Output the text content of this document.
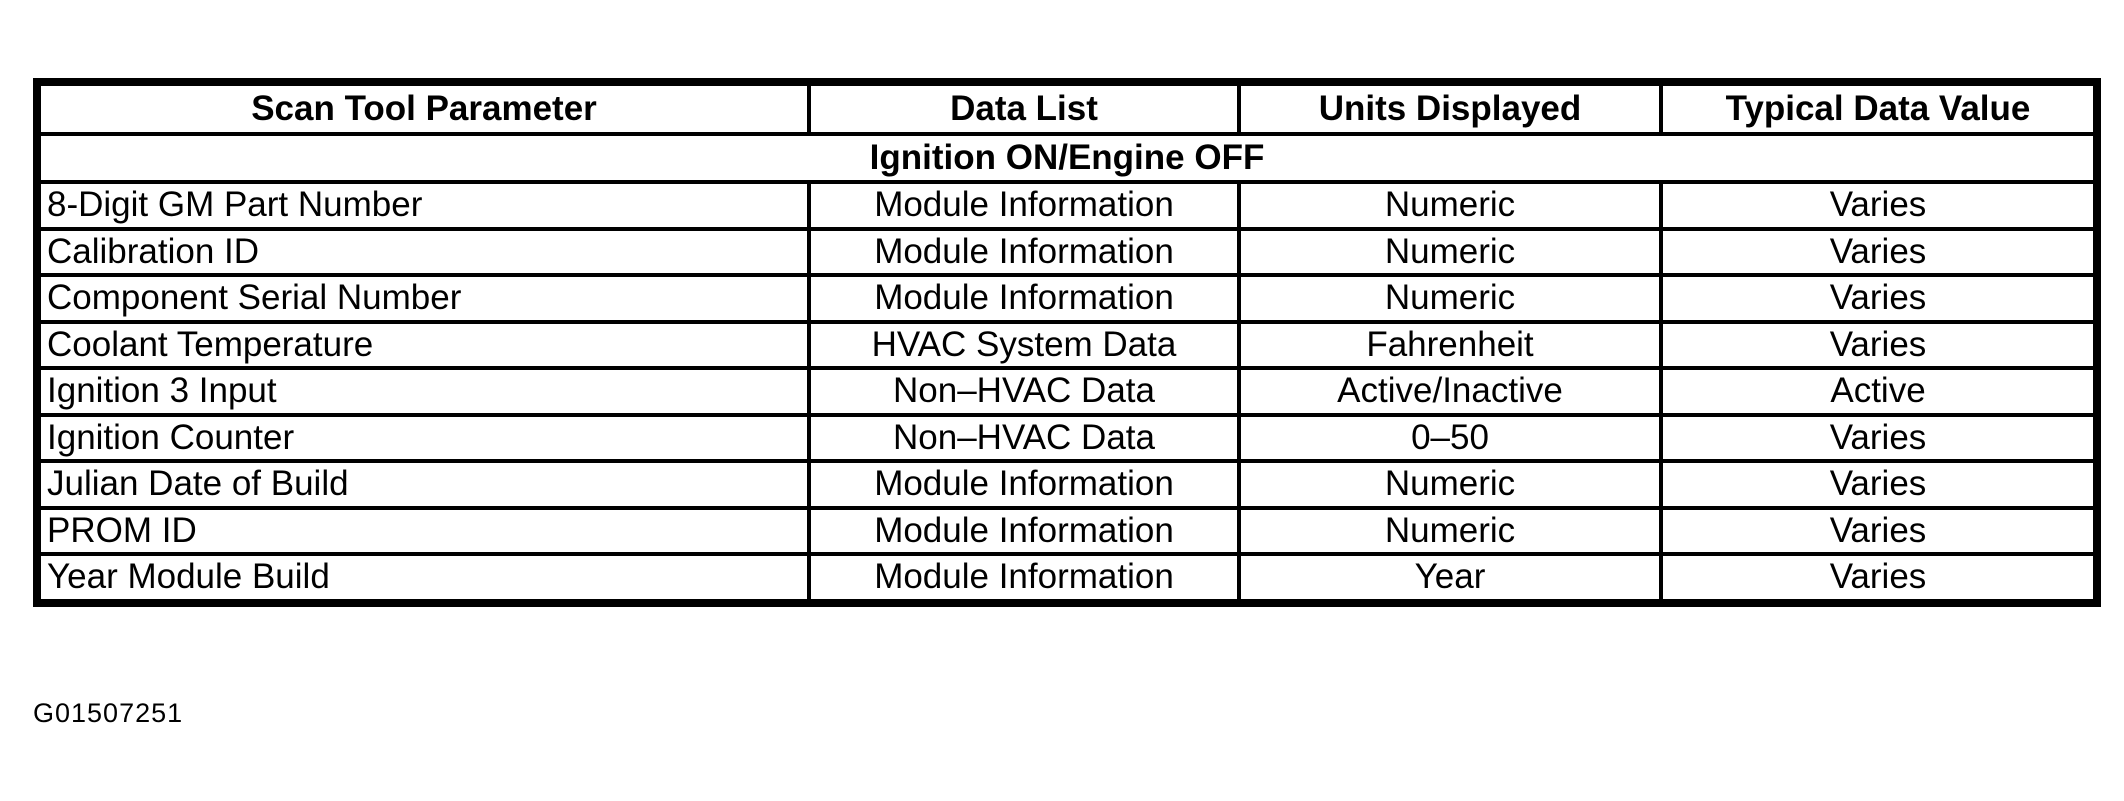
Scan Tool Parameter	Data List	Units Displayed	Typical Data Value
Ignition ON/Engine OFF			
8-Digit GM Part Number	Module Information	Numeric	Varies
Calibration ID	Module Information	Numeric	Varies
Component Serial Number	Module Information	Numeric	Varies
Coolant Temperature	HVAC System Data	Fahrenheit	Varies
Ignition 3 Input	Non–HVAC Data	Active/Inactive	Active
Ignition Counter	Non–HVAC Data	0–50	Varies
Julian Date of Build	Module Information	Numeric	Varies
PROM ID	Module Information	Numeric	Varies
Year Module Build	Module Information	Year	Varies
G01507251
